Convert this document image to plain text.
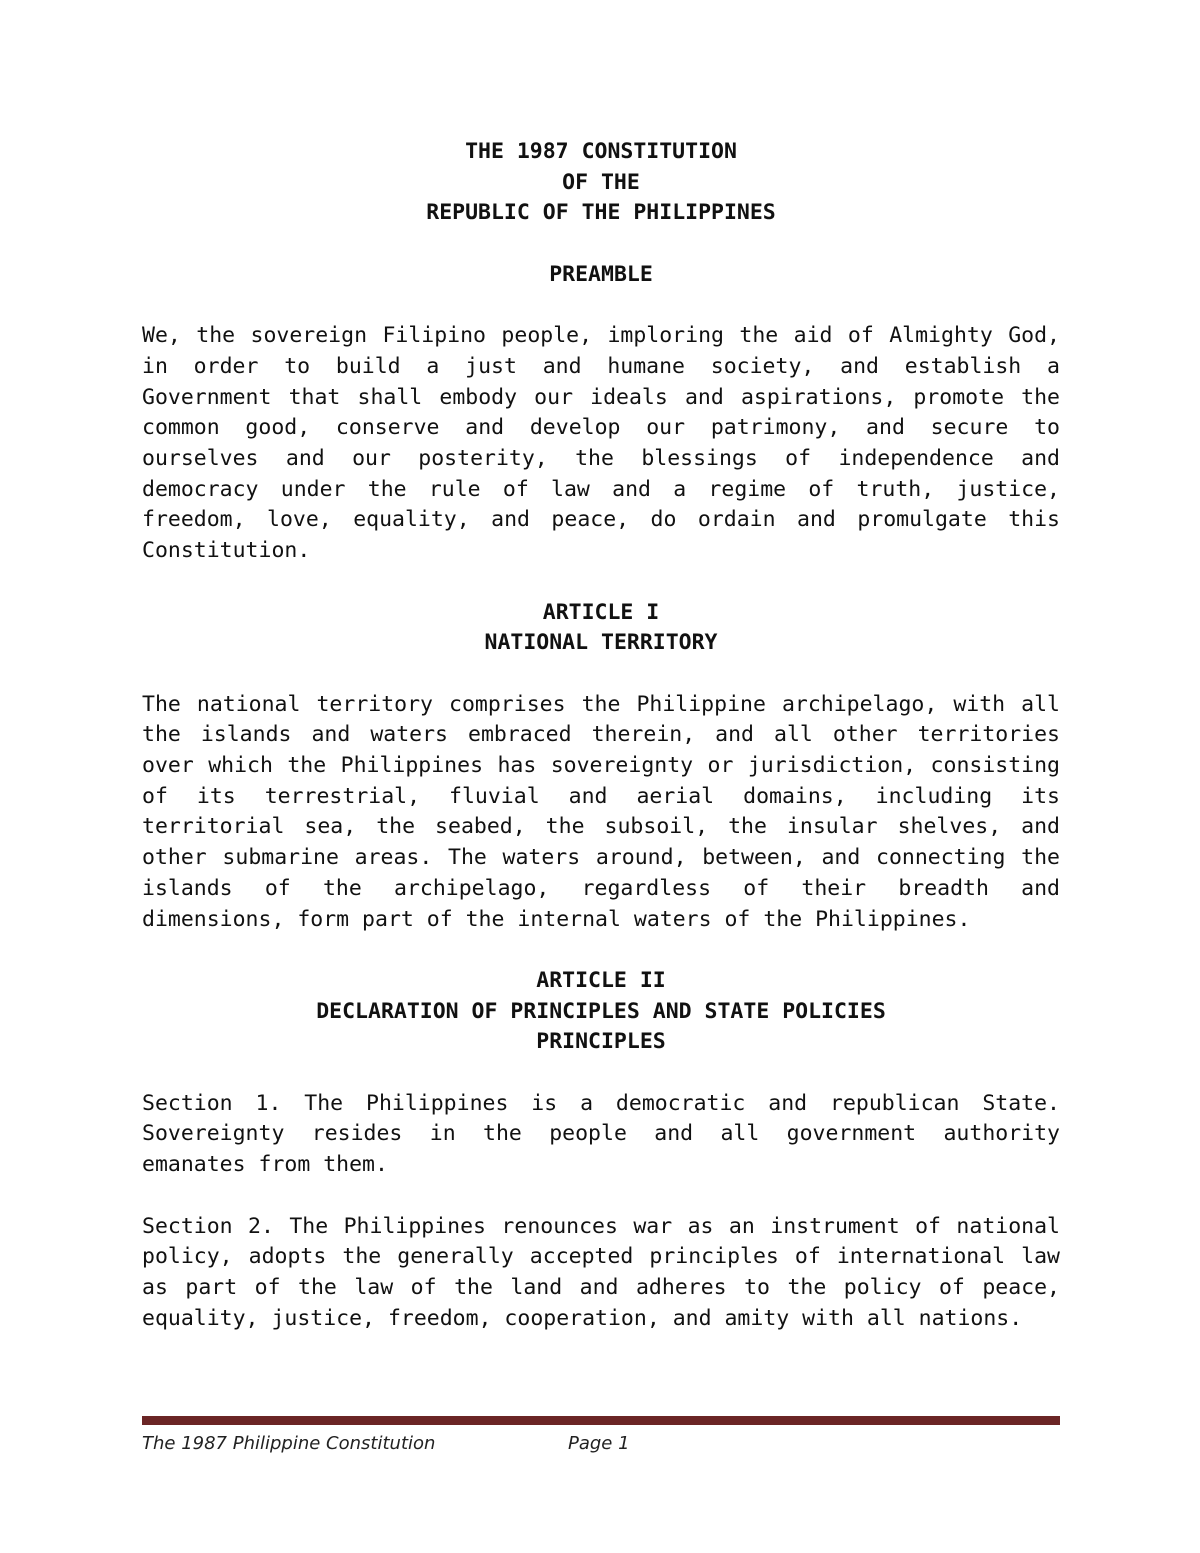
THE 1987 CONSTITUTION

OF THE

REPUBLIC OF THE PHILIPPINES

PREAMBLE

We, the sovereign Filipino people, imploring the aid of Almighty God, in order to build a just and humane society, and establish a Government that shall embody our ideals and aspirations, promote the common good, conserve and develop our patrimony, and secure to ourselves and our posterity, the blessings of independence and democracy under the rule of law and a regime of truth, justice, freedom, love, equality, and peace, do ordain and promulgate this Constitution.

ARTICLE I

NATIONAL TERRITORY

The national territory comprises the Philippine archipelago, with all the islands and waters embraced therein, and all other territories over which the Philippines has sovereignty or jurisdiction, consisting of its terrestrial, fluvial and aerial domains, including its territorial sea, the seabed, the subsoil, the insular shelves, and other submarine areas. The waters around, between, and connecting the islands of the archipelago, regardless of their breadth and dimensions, form part of the internal waters of the Philippines.

ARTICLE II

DECLARATION OF PRINCIPLES AND STATE POLICIES

PRINCIPLES

Section 1. The Philippines is a democratic and republican State. Sovereignty resides in the people and all government authority emanates from them.

Section 2. The Philippines renounces war as an instrument of national policy, adopts the generally accepted principles of international law as part of the law of the land and adheres to the policy of peace, equality, justice, freedom, cooperation, and amity with all nations.

The 1987 Philippine Constitution	Page 1
